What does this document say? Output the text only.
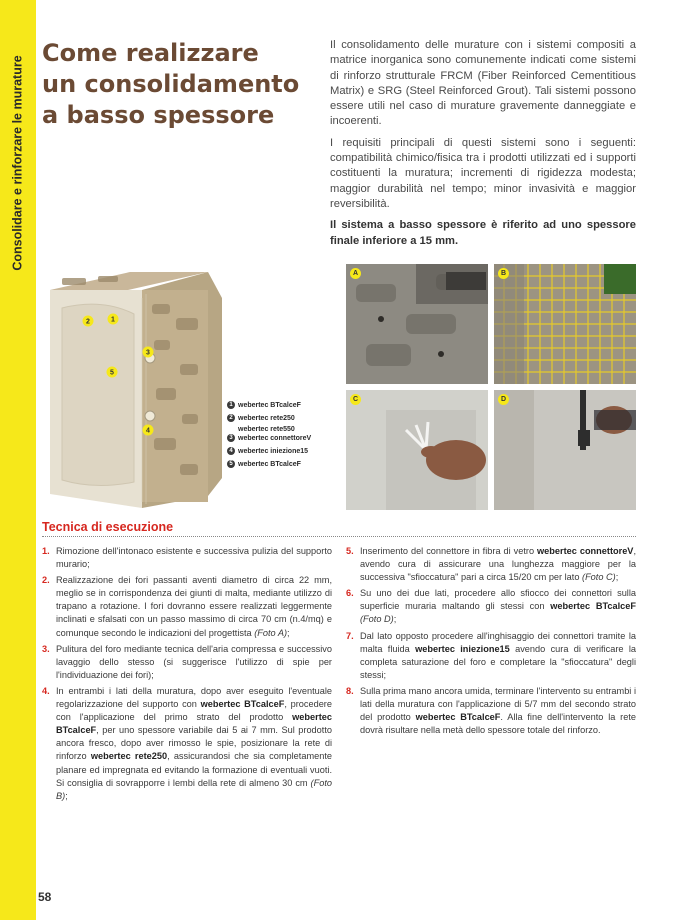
Consolidare e rinforzare le murature
Come realizzare
un consolidamento
a basso spessore

Il consolidamento delle murature con i sistemi compositi a matrice inorganica sono comunemente indicati come sistemi di rinforzo strutturale FRCM (Fiber Reinforced Cementitious Matrix) e SRG (Steel Reinforced Grout). Tali sistemi possono essere utili nel caso di murature gravemente danneggiate e incoerenti.

I requisiti principali di questi sistemi sono i seguenti: compatibilità chimico/fisica tra i prodotti utilizzati ed i supporti costituenti la muratura; incrementi di rigidezza modesta; maggior durabilità nel tempo; minor invasività e maggior reversibilità.

Il sistema a basso spessore è riferito ad uno spessore finale inferiore a 15 mm.

2	1
3
5
4
1 webertec BTcalceF
2 webertec rete250
webertec rete550
3 webertec connettoreV
4 webertec iniezione15
5 webertec BTcalceF
A	B
C	D
Tecnica di esecuzione
1. Rimozione dell'intonaco esistente e successiva pulizia del supporto murario;
2. Realizzazione dei fori passanti aventi diametro di circa 22 mm, meglio se in corrispondenza dei giunti di malta, mediante utilizzo di trapano a rotazione. I fori dovranno essere realizzati leggermente inclinati e sfalsati con un passo massimo di circa 70 cm (n.4/mq) e comunque secondo le indicazioni del progettista (Foto A);
3. Pulitura del foro mediante tecnica dell'aria compressa e successivo lavaggio dello stesso (si suggerisce l'utilizzo di spie per l'individuazione dei fori);
4. In entrambi i lati della muratura, dopo aver eseguito l'eventuale regolarizzazione del supporto con webertec BTcalceF, procedere con l'applicazione del primo strato del prodotto webertec BTcalceF, per uno spessore variabile dai 5 ai 7 mm. Sul prodotto ancora fresco, dopo aver rimosso le spie, posizionare la rete di rinforzo webertec rete250, assicurandosi che sia completamente planare ed impregnata ed evitando la formazione di eventuali vuoti. Si consiglia di sovrapporre i lembi della rete di almeno 30 cm (Foto B);
5. Inserimento del connettore in fibra di vetro webertec connettoreV, avendo cura di assicurare una lunghezza maggiore per la successiva "sfioccatura" pari a circa 15/20 cm per lato (Foto C);
6. Su uno dei due lati, procedere allo sfiocco dei connettori sulla superficie muraria maltando gli stessi con webertec BTcalceF (Foto D);
7. Dal lato opposto procedere all'inghisaggio dei connettori tramite la malta fluida webertec iniezione15 avendo cura di verificare la completa saturazione del foro e completare la "sfioccatura" degli stessi;
8. Sulla prima mano ancora umida, terminare l'intervento su entrambi i lati della muratura con l'applicazione di 5/7 mm del secondo strato del prodotto webertec BTcalceF. Alla fine dell'intervento la rete dovrà risultare nella metà dello spessore totale del rinforzo.
58
